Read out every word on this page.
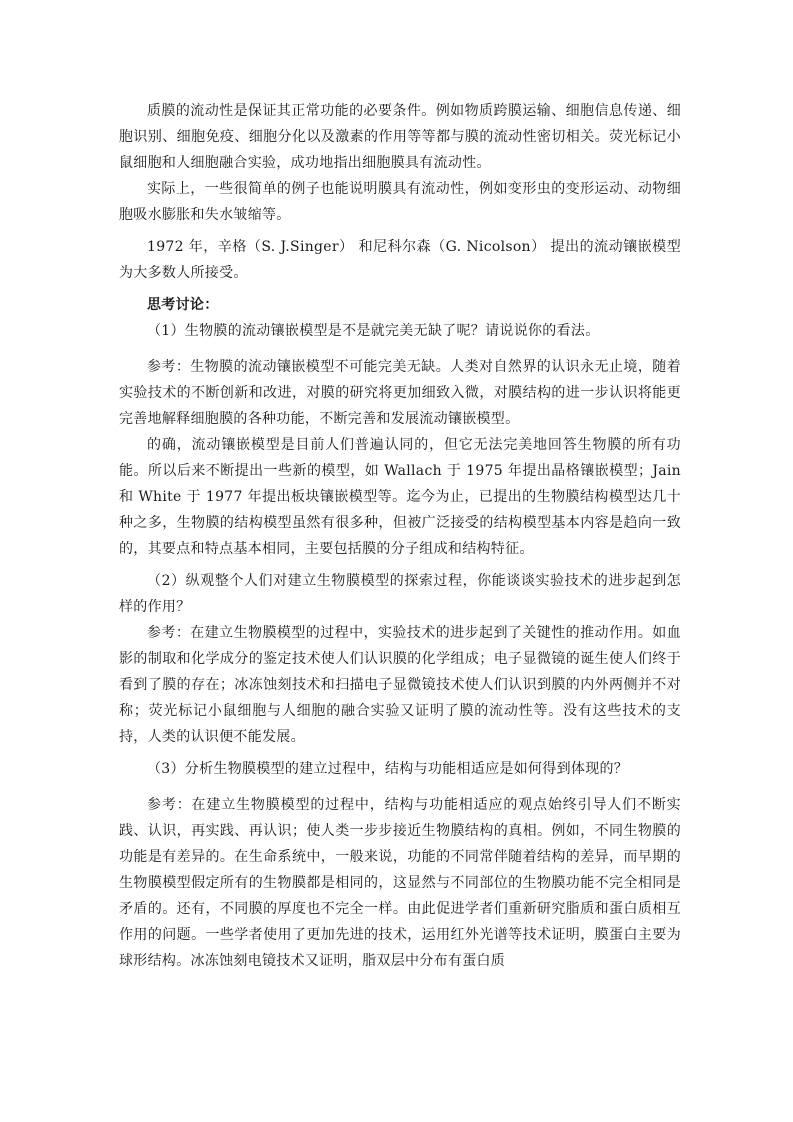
质膜的流动性是保证其正常功能的必要条件。例如物质跨膜运输、细胞信息传递、细胞识别、细胞免疫、细胞分化以及激素的作用等等都与膜的流动性密切相关。荧光标记小鼠细胞和人细胞融合实验，成功地指出细胞膜具有流动性。

实际上，一些很简单的例子也能说明膜具有流动性，例如变形虫的变形运动、动物细胞吸水膨胀和失水皱缩等。

1972 年，辛格（S. J.Singer） 和尼科尔森（G. Nicolson） 提出的流动镶嵌模型为大多数人所接受。

思考讨论：

（1）生物膜的流动镶嵌模型是不是就完美无缺了呢？请说说你的看法。

参考：生物膜的流动镶嵌模型不可能完美无缺。人类对自然界的认识永无止境，随着实验技术的不断创新和改进，对膜的研究将更加细致入微，对膜结构的进一步认识将能更完善地解释细胞膜的各种功能，不断完善和发展流动镶嵌模型。

的确，流动镶嵌模型是目前人们普遍认同的，但它无法完美地回答生物膜的所有功能。所以后来不断提出一些新的模型，如 Wallach 于 1975 年提出晶格镶嵌模型；Jain 和 White 于 1977 年提出板块镶嵌模型等。迄今为止，已提出的生物膜结构模型达几十种之多，生物膜的结构模型虽然有很多种，但被广泛接受的结构模型基本内容是趋向一致的，其要点和特点基本相同，主要包括膜的分子组成和结构特征。

（2）纵观整个人们对建立生物膜模型的探索过程，你能谈谈实验技术的进步起到怎样的作用？

参考：在建立生物膜模型的过程中，实验技术的进步起到了关键性的推动作用。如血影的制取和化学成分的鉴定技术使人们认识膜的化学组成；电子显微镜的诞生使人们终于看到了膜的存在；冰冻蚀刻技术和扫描电子显微镜技术使人们认识到膜的内外两侧并不对称；荧光标记小鼠细胞与人细胞的融合实验又证明了膜的流动性等。没有这些技术的支持，人类的认识便不能发展。

（3）分析生物膜模型的建立过程中，结构与功能相适应是如何得到体现的？

参考：在建立生物膜模型的过程中，结构与功能相适应的观点始终引导人们不断实践、认识，再实践、再认识；使人类一步步接近生物膜结构的真相。例如，不同生物膜的功能是有差异的。在生命系统中，一般来说，功能的不同常伴随着结构的差异，而早期的生物膜模型假定所有的生物膜都是相同的，这显然与不同部位的生物膜功能不完全相同是矛盾的。还有，不同膜的厚度也不完全一样。由此促进学者们重新研究脂质和蛋白质相互作用的问题。一些学者使用了更加先进的技术，运用红外光谱等技术证明，膜蛋白主要为球形结构。冰冻蚀刻电镜技术又证明，脂双层中分布有蛋白质
